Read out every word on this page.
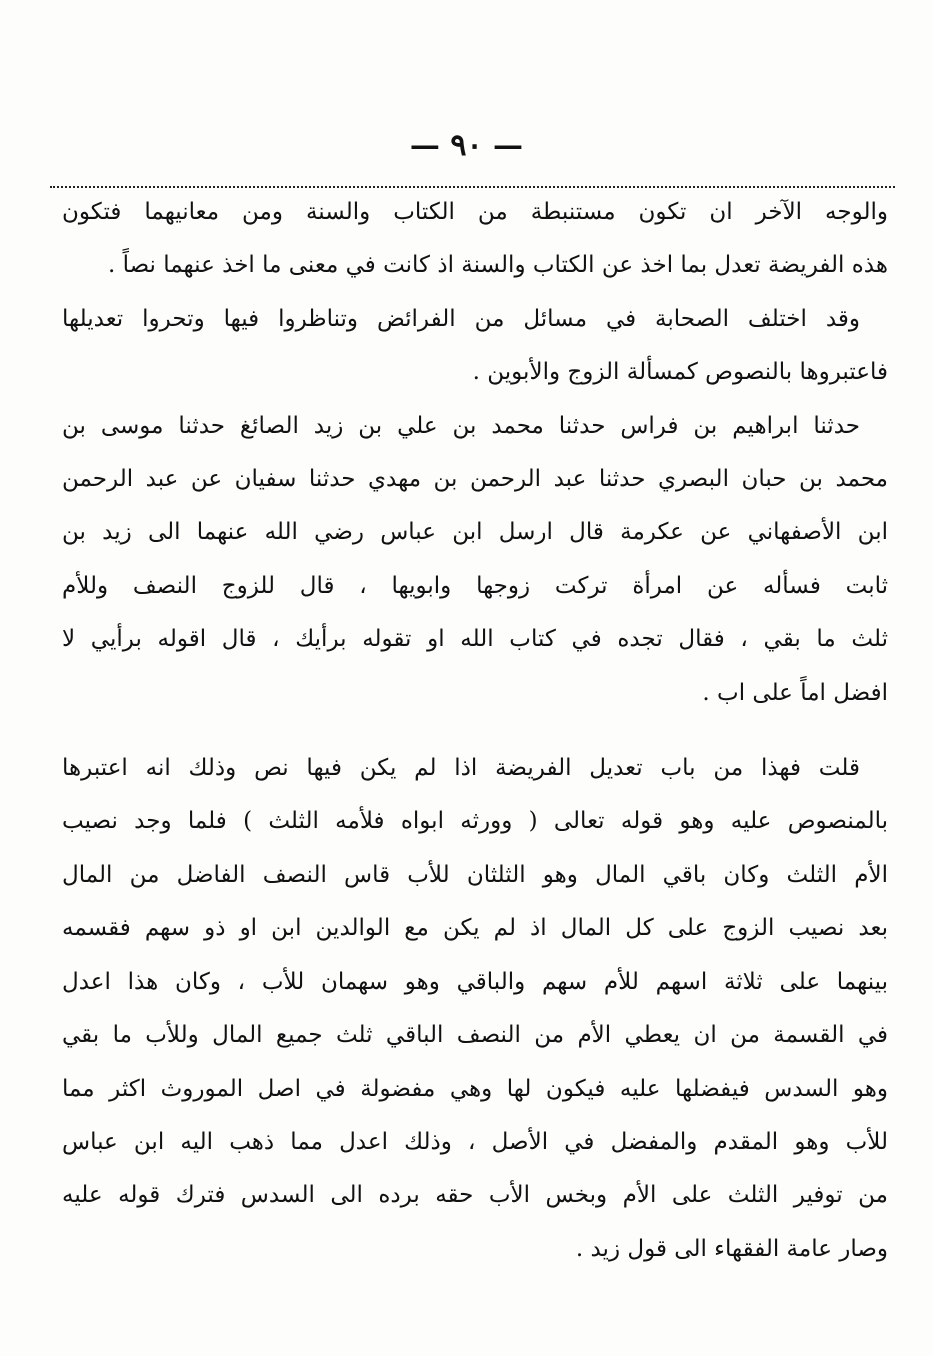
— ٩٠ —
والوجه الآخر ان تكون مستنبطة من الكتاب والسنة ومن معانيهما فتكون
هذه الفريضة تعدل بما اخذ عن الكتاب والسنة اذ كانت في معنى ما اخذ عنهما نصاً .
وقد اختلف الصحابة في مسائل من الفرائض وتناظروا فيها وتحروا تعديلها
فاعتبروها بالنصوص كمسألة الزوج والأبوين .
حدثنا ابراهيم بن فراس حدثنا محمد بن علي بن زيد الصائغ حدثنا موسى بن
محمد بن حبان البصري حدثنا عبد الرحمن بن مهدي حدثنا سفيان عن عبد الرحمن
ابن الأصفهاني عن عكرمة قال ارسل ابن عباس رضي الله عنهما الى زيد بن
ثابت فسأله عن امرأة تركت زوجها وابويها ، قال للزوج النصف وللأم
ثلث ما بقي ، فقال تجده في كتاب الله او تقوله برأيك ، قال اقوله برأيي لا
افضل اماً على اب .
قلت فهذا من باب تعديل الفريضة اذا لم يكن فيها نص وذلك انه اعتبرها
بالمنصوص عليه وهو قوله تعالى ( وورثه ابواه فلأمه الثلث ) فلما وجد نصيب
الأم الثلث وكان باقي المال وهو الثلثان للأب قاس النصف الفاضل من المال
بعد نصيب الزوج على كل المال اذ لم يكن مع الوالدين ابن او ذو سهم فقسمه
بينهما على ثلاثة اسهم للأم سهم والباقي وهو سهمان للأب ، وكان هذا اعدل
في القسمة من ان يعطي الأم من النصف الباقي ثلث جميع المال وللأب ما بقي
وهو السدس فيفضلها عليه فيكون لها وهي مفضولة في اصل الموروث اكثر مما
للأب وهو المقدم والمفضل في الأصل ، وذلك اعدل مما ذهب اليه ابن عباس
من توفير الثلث على الأم وبخس الأب حقه برده الى السدس فترك قوله عليه
وصار عامة الفقهاء الى قول زيد .
